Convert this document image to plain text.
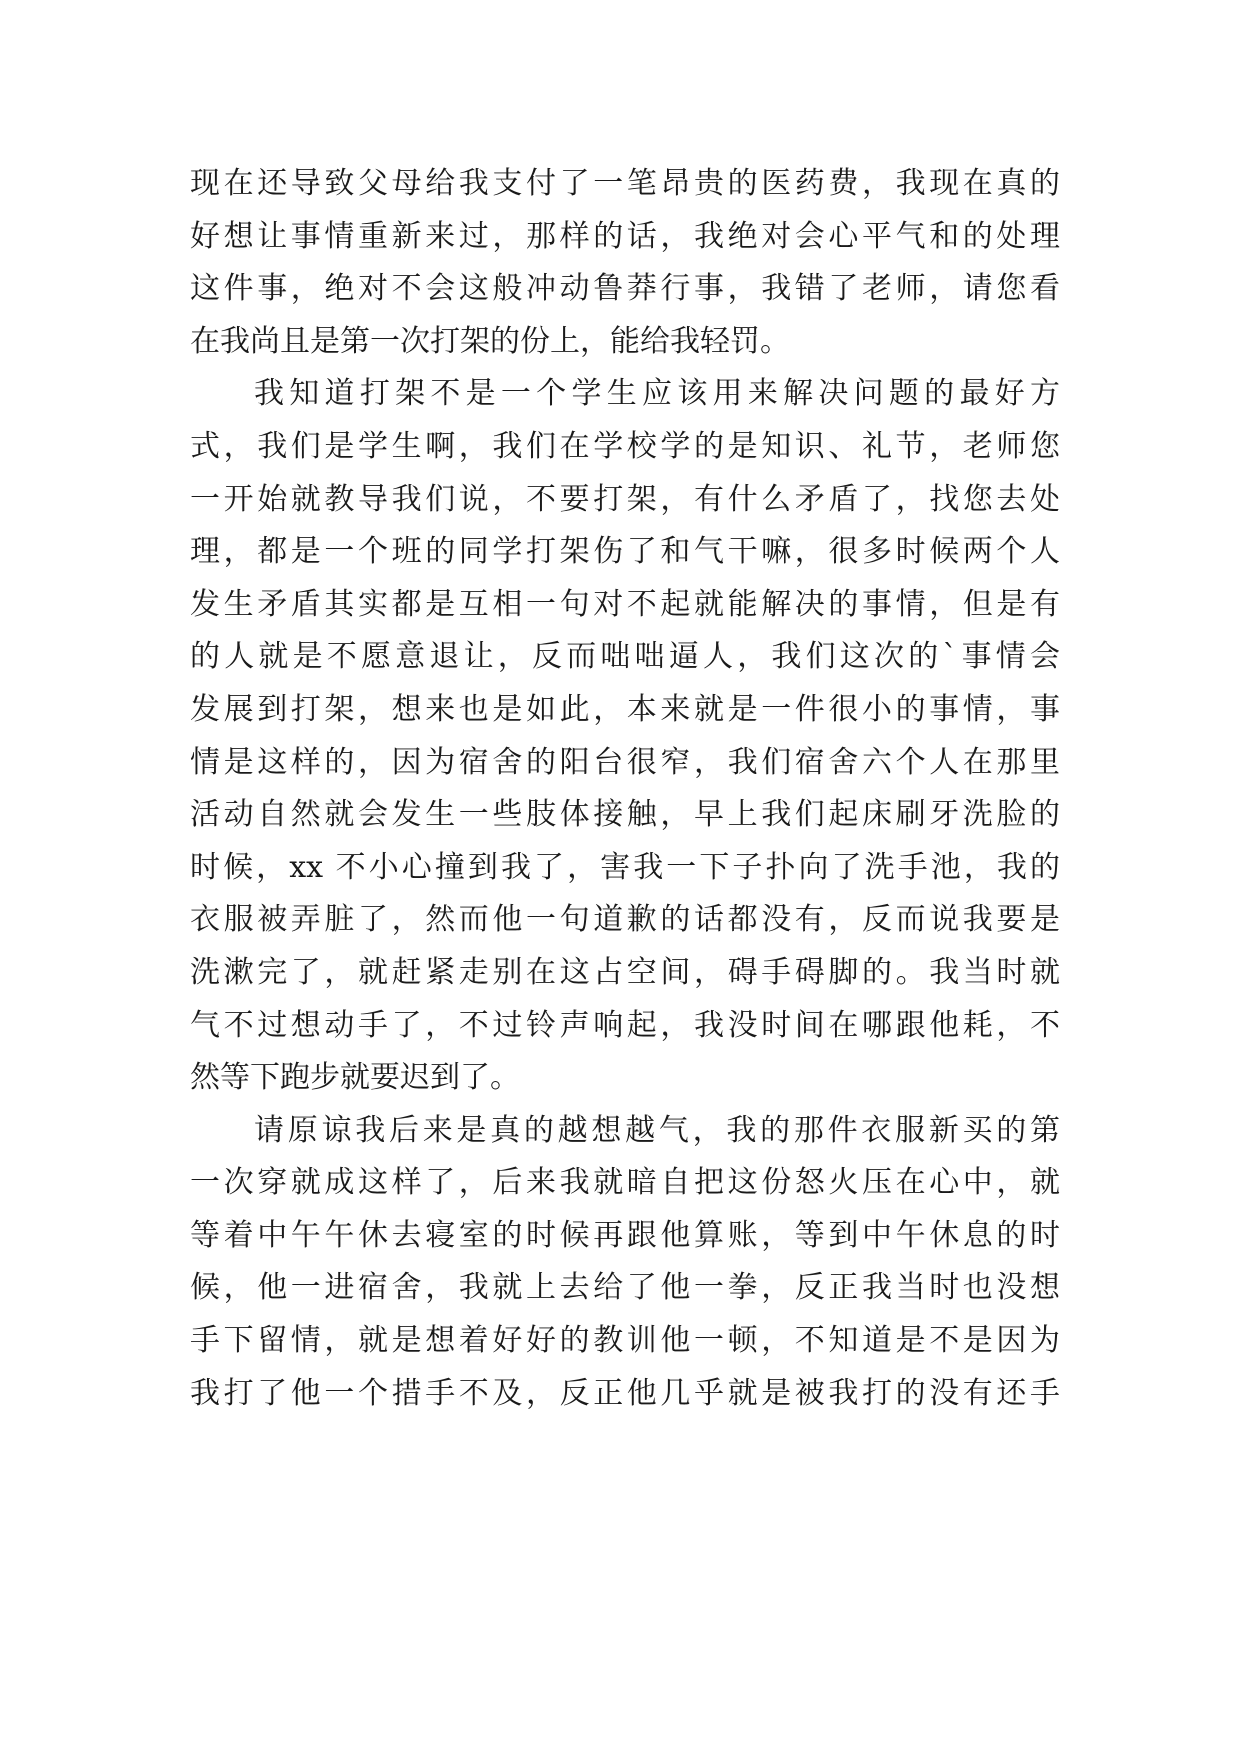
现在还导致父母给我支付了一笔昂贵的医药费，我现在真的
好想让事情重新来过，那样的话，我绝对会心平气和的处理
这件事，绝对不会这般冲动鲁莽行事，我错了老师，请您看
在我尚且是第一次打架的份上，能给我轻罚。
我知道打架不是一个学生应该用来解决问题的最好方
式，我们是学生啊，我们在学校学的是知识、礼节，老师您
一开始就教导我们说，不要打架，有什么矛盾了，找您去处
理，都是一个班的同学打架伤了和气干嘛，很多时候两个人
发生矛盾其实都是互相一句对不起就能解决的事情，但是有
的人就是不愿意退让，反而咄咄逼人，我们这次的`事情会
发展到打架，想来也是如此，本来就是一件很小的事情，事
情是这样的，因为宿舍的阳台很窄，我们宿舍六个人在那里
活动自然就会发生一些肢体接触，早上我们起床刷牙洗脸的
时候，xx 不小心撞到我了，害我一下子扑向了洗手池，我的
衣服被弄脏了，然而他一句道歉的话都没有，反而说我要是
洗漱完了，就赶紧走别在这占空间，碍手碍脚的。我当时就
气不过想动手了，不过铃声响起，我没时间在哪跟他耗，不
然等下跑步就要迟到了。
请原谅我后来是真的越想越气，我的那件衣服新买的第
一次穿就成这样了，后来我就暗自把这份怒火压在心中，就
等着中午午休去寝室的时候再跟他算账，等到中午休息的时
候，他一进宿舍，我就上去给了他一拳，反正我当时也没想
手下留情，就是想着好好的教训他一顿，不知道是不是因为
我打了他一个措手不及，反正他几乎就是被我打的没有还手
